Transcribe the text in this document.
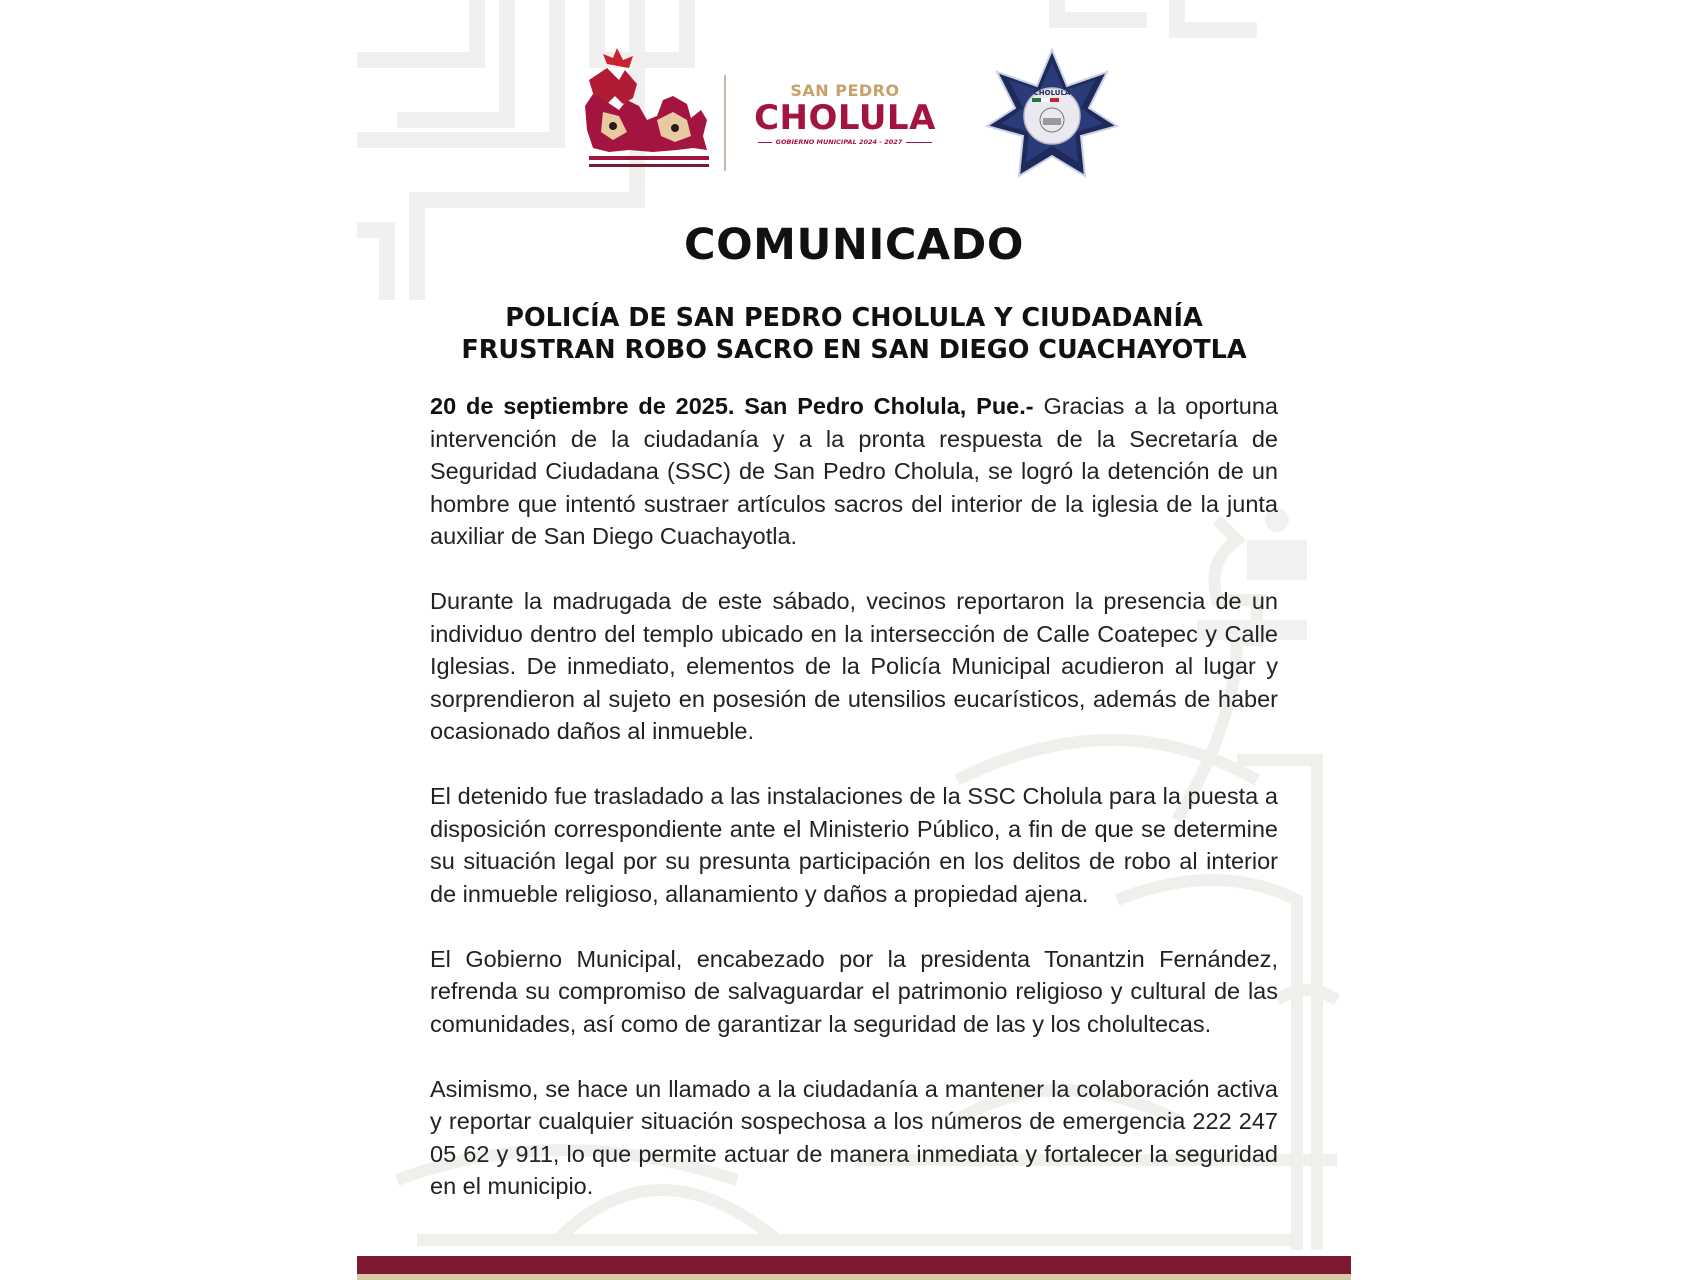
SAN PEDRO
CHOLULA
GOBIERNO MUNICIPAL 2024 - 2027
CHOLULA
COMUNICADO
POLICÍA DE SAN PEDRO CHOLULA Y CIUDADANÍA
FRUSTRAN ROBO SACRO EN SAN DIEGO CUACHAYOTLA

20 de septiembre de 2025. San Pedro Cholula, Pue.- Gracias a la oportuna intervención de la ciudadanía y a la pronta respuesta de la Secretaría de Seguridad Ciudadana (SSC) de San Pedro Cholula, se logró la detención de un hombre que intentó sustraer artículos sacros del interior de la iglesia de la junta auxiliar de San Diego Cuachayotla.

Durante la madrugada de este sábado, vecinos reportaron la presencia de un individuo dentro del templo ubicado en la intersección de Calle Coatepec y Calle Iglesias. De inmediato, elementos de la Policía Municipal acudieron al lugar y sorprendieron al sujeto en posesión de utensilios eucarísticos, además de haber ocasionado daños al inmueble.

El detenido fue trasladado a las instalaciones de la SSC Cholula para la puesta a disposición correspondiente ante el Ministerio Público, a fin de que se determine su situación legal por su presunta participación en los delitos de robo al interior de inmueble religioso, allanamiento y daños a propiedad ajena.

El Gobierno Municipal, encabezado por la presidenta Tonantzin Fernández, refrenda su compromiso de salvaguardar el patrimonio religioso y cultural de las comunidades, así como de garantizar la seguridad de las y los cholultecas.

Asimismo, se hace un llamado a la ciudadanía a mantener la colaboración activa y reportar cualquier situación sospechosa a los números de emergencia 222 247 05 62 y 911, lo que permite actuar de manera inmediata y fortalecer la seguridad en el municipio.
